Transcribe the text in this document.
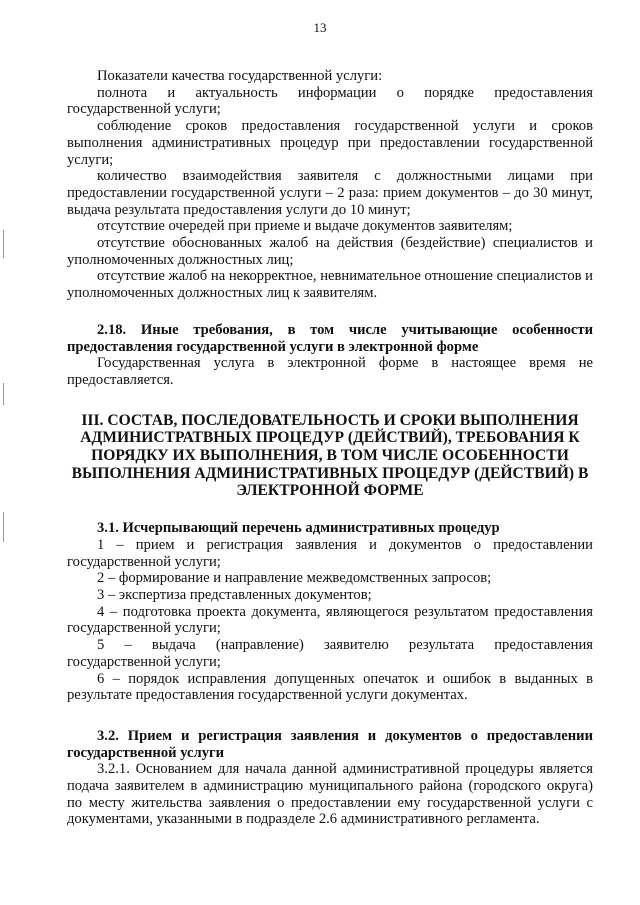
13

Показатели качества государственной услуги:

полнота и актуальность информации о порядке предоставления государственной услуги;

соблюдение сроков предоставления государственной услуги и сроков выполнения административных процедур при предоставлении государственной услуги;

количество взаимодействия заявителя с должностными лицами при предоставлении государственной услуги – 2 раза: прием документов – до 30 минут, выдача результата предоставления услуги до 10 минут;

отсутствие очередей при приеме и выдаче документов заявителям;

отсутствие обоснованных жалоб на действия (бездействие) специалистов и уполномоченных должностных лиц;

отсутствие жалоб на некорректное, невнимательное отношение специалистов и уполномоченных должностных лиц к заявителям.

2.18. Иные требования, в том числе учитывающие особенности предоставления государственной услуги в электронной форме

Государственная услуга в электронной форме в настоящее время не предоставляется.

III. СОСТАВ, ПОСЛЕДОВАТЕЛЬНОСТЬ И СРОКИ ВЫПОЛНЕНИЯ АДМИНИСТРАТВНЫХ ПРОЦЕДУР (ДЕЙСТВИЙ), ТРЕБОВАНИЯ К ПОРЯДКУ ИХ ВЫПОЛНЕНИЯ, В ТОМ ЧИСЛЕ ОСОБЕННОСТИ ВЫПОЛНЕНИЯ АДМИНИСТРАТИВНЫХ ПРОЦЕДУР (ДЕЙСТВИЙ) В ЭЛЕКТРОННОЙ ФОРМЕ

3.1. Исчерпывающий перечень административных процедур

1 – прием и регистрация заявления и документов о предоставлении государственной услуги;

2 – формирование и направление межведомственных запросов;

3 – экспертиза представленных документов;

4 – подготовка проекта документа, являющегося результатом предоставления государственной услуги;

5 – выдача (направление) заявителю результата предоставления государственной услуги;

6 – порядок исправления допущенных опечаток и ошибок в выданных в результате предоставления государственной услуги документах.

3.2. Прием и регистрация заявления и документов о предоставлении государственной услуги

3.2.1. Основанием для начала данной административной процедуры является подача заявителем в администрацию муниципального района (городского округа) по месту жительства заявления о предоставлении ему государственной услуги с документами, указанными в подразделе 2.6 административного регламента.
